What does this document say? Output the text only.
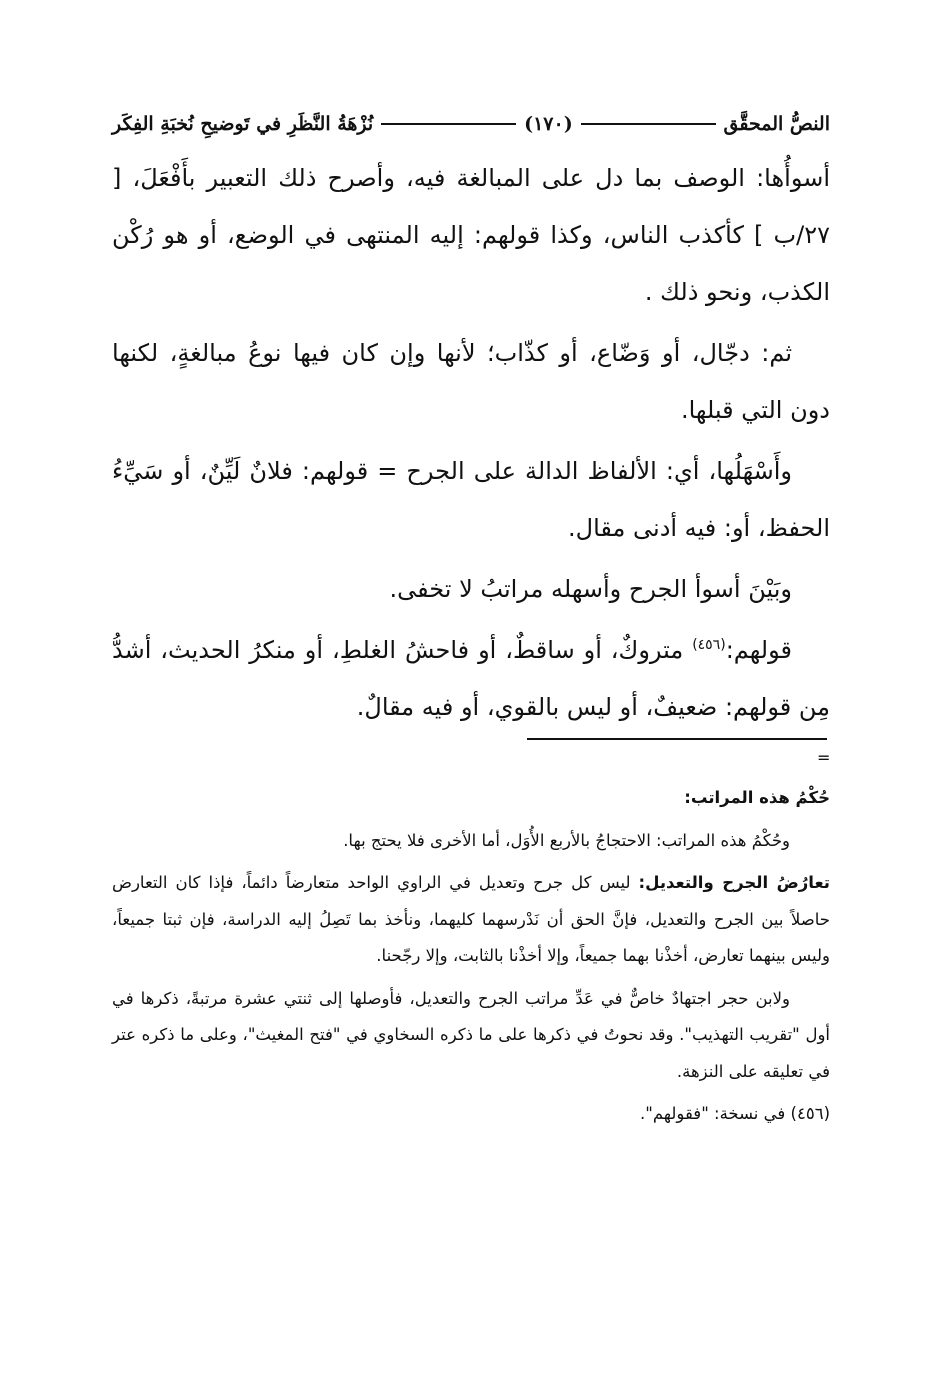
النصُّ المحقَّق
(١٧٠)
نُزْهَةُ النَّظَرِ في تَوضيحِ نُخبَةِ الفِكَر

أسوأُها: الوصف بما دل على المبالغة فيه، وأصرح ذلك التعبير بأَفْعَلَ، [ ٢٧/ب ] كأكذب الناس، وكذا قولهم: إليه المنتهى في الوضع، أو هو رُكْن الكذب، ونحو ذلك .

ثم: دجّال، أو وَضّاع، أو كذّاب؛ لأنها وإن كان فيها نوعُ مبالغةٍ، لكنها دون التي قبلها.

وأَسْهَلُها، أي: الألفاظ الدالة على الجرح = قولهم: فلانٌ لَيِّنٌ، أو سَيِّءُ الحفظ، أو: فيه أدنى مقال.

وبَيْنَ أسوأ الجرح وأسهله مراتبُ لا تخفى.

قولهم:$^{(٤٥٦)}$ متروكٌ، أو ساقطٌ، أو فاحشُ الغلطِ، أو منكرُ الحديث، أشدُّ مِن قولهم: ضعيفٌ، أو ليس بالقوي، أو فيه مقالٌ.

=

حُكْمُ هذه المراتب:

وحُكْمُ هذه المراتب: الاحتجاجُ بالأربع الأُوَل، أما الأخرى فلا يحتج بها.

تعارُضُ الجرح والتعديل: ليس كل جرح وتعديل في الراوي الواحد متعارضاً دائماً، فإذا كان التعارض حاصلاً بين الجرح والتعديل، فإنَّ الحق أن نَدْرسهما كليهما، ونأخذ بما تَصِلُ إليه الدراسة، فإن ثبتا جميعاً، وليس بينهما تعارض، أخذْنا بهما جميعاً، وإلا أخذْنا بالثابت، وإلا رجّحنا.

ولابن حجر اجتهادٌ خاصٌّ في عَدِّ مراتب الجرح والتعديل، فأوصلها إلى ثنتي عشرة مرتبةً، ذكرها في أول "تقريب التهذيب". وقد نحوتُ في ذكرها على ما ذكره السخاوي في "فتح المغيث"، وعلى ما ذكره عتر في تعليقه على النزهة.

(٤٥٦) في نسخة: "فقولهم".
